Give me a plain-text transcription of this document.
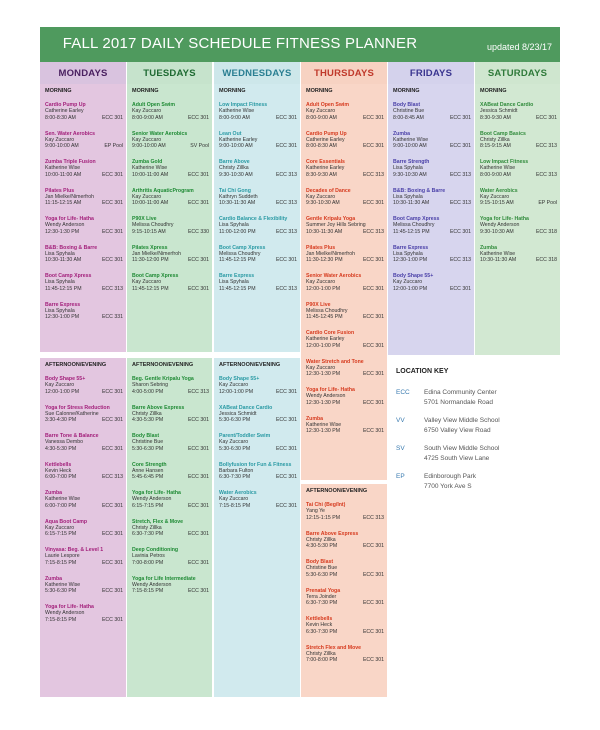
FALL 2017 DAILY SCHEDULE FITNESS PLANNER	updated 8/23/17
MONDAYS
MORNING
Cardio Pump Up
Catherine Earley
8:00-8:30 AM	ECC 301
Sen. Water Aerobics
Kay Zuccaro
9:00-10:00 AM	EP Pool
Zumba Triple Fusion
Katherine Wise
10:00-11:00 AM	ECC 301
Pilates Plus
Jan Mielke/Nimerfroh
11:15-12:15 AM	ECC 301
Yoga for Life- Hatha
Wendy Anderson
12:30-1:30 PM	ECC 301
B&B: Boxing & Barre
Lisa Spyhala
10:30-11:30 AM	ECC 301
Boot Camp Xpress
Lisa Spyhala
11:45-12:15 PM	ECC 313
Barre Express
Lisa Spyhala
12:30-1:00 PM	ECC 331
AFTERNOON/EVENING
Body Shape 55+
Kay Zuccaro
12:00-1:00 PM	ECC 301
Yoga for Stress Reduction
Sue Calonne/Katherine
3:30-4:30 PM	ECC 301
Barre Tone & Balance
Vanessa Dembo
4:30-5:30 PM	ECC 301
Kettlebells
Kevin Heck
6:00-7:00 PM	ECC 313
Zumba
Katherine Wise
6:00-7:00 PM	ECC 301
Aqua Boot Camp
Kay Zuccaro
6:15-7:15 PM	ECC 301
Vinyasa: Beg. & Level 1
Laurie Lespore
7:15-8:15 PM	ECC 301
Zumba
Katherine Wise
5:30-6:30 PM	ECC 301
Yoga for Life- Hatha
Wendy Anderson
7:15-8:15 PM	ECC 301
TUESDAYS
MORNING
Adult Open Swim
Kay Zuccaro
8:00-9:00 AM	ECC 301
Senior Water Aerobics
Kay Zuccaro
9:00-10:00 AM	SV Pool
Zumba Gold
Katherine Wise
10:00-11:00 AM	ECC 301
Arthritis AquaticProgram
Kay Zuccaro
10:00-11:00 AM	ECC 301
P90X Live
Melissa Choudhry
9:15-10:15 AM	ECC 330
Pilates Xpress
Jan Mielke/Nimerfroh
11:30-12:00 PM	ECC 301
Boot Camp Xpress
Kay Zuccaro
11:45-12:15 PM	ECC 301
AFTERNOON/EVENING
Beg. Gentle Kripalu Yoga
Sharon Sebring
4:00-5:00 PM	ECC 313
Barre Above Express
Christy Zillka
4:30-5:30 PM	ECC 301
Body Blast
Christine Bue
5:30-6:30 PM	ECC 301
Core Strength
Anne Hansen
5:45-6:45 PM	ECC 301
Yoga for Life- Hatha
Wendy Anderson
6:15-7:15 PM	ECC 301
Stretch, Flex & Move
Christy Zillka
6:30-7:30 PM	ECC 301
Deep Conditioning
Lavinia Petros
7:00-8:00 PM	ECC 301
Yoga for Life Intermediate
Wendy Anderson
7:15-8:15 PM	ECC 301
WEDNESDAYS
MORNING
Low Impact Fitness
Katherine Wise
8:00-9:00 AM	ECC 301
Lean Out
Katherine Earley
9:00-10:00 AM	ECC 301
Barre Above
Christy Zillka
9:30-10:30 AM	ECC 313
Tai Chi Gong
Kathryn Suddeth
10:30-11:30 AM	ECC 313
Cardio Balance & Flexibility
Lisa Spyhala
11:00-12:00 PM	ECC 313
Boot Camp Xpress
Melissa Choudhry
11:45-12:15 PM	ECC 301
Barre Express
Lisa Spyhala
11:45-12:15 PM	ECC 313
AFTERNOON/EVENING
Body Shape 55+
Kay Zuccaro
12:00-1:00 PM	ECC 301
XABeat Dance Cardio
Jessica Schmidt
5:30-6:30 PM	ECC 301
Parent/Toddler Swim
Kay Zuccaro
5:30-6:30 PM	ECC 301
Bollyfusion for Fun & Fitness
Barbara Fulton
6:30-7:30 PM	ECC 301
Water Aerobics
Kay Zuccaro
7:15-8:15 PM	ECC 301
THURSDAYS
MORNING
Adult Open Swim
Kay Zuccaro
8:00-9:00 AM	ECC 301
Cardio Pump Up
Catherine Earley
8:00-8:30 AM	ECC 301
Core Essentials
Katherine Earley
8:30-9:30 AM	ECC 313
Decades of Dance
Kay Zuccaro
9:30-10:30 AM	ECC 301
Gentle Kripalu Yoga
Summer Joy Hills Sebring
10:30-11:30 AM	ECC 313
Pilates Plus
Jan Mielke/Nimerfroh
11:30-12:30 PM	ECC 301
Senior Water Aerobics
Kay Zuccaro
12:00-1:00 PM	ECC 301
P90X Live
Melissa Choudhry
11:45-12:45 PM	ECC 301
Cardio Core Fusion
Katherine Earley
12:00-1:00 PM	ECC 301
Water Stretch and Tone
Kay Zuccaro
12:30-1:30 PM	ECC 301
Yoga for Life- Hatha
Wendy Anderson
12:30-1:30 PM	ECC 301
Zumba
Katherine Wise
12:30-1:30 PM	ECC 301
AFTERNOON/EVENING
Tai Chi (Beg/Int)
Yang Ye
12:15-1:15 PM	ECC 313
Barre Above Express
Christy Zillka
4:30-5:30 PM	ECC 301
Body Blast
Christine Bue
5:30-6:30 PM	ECC 301
Prenatal Yoga
Terra Joinder
6:30-7:30 PM	ECC 301
Kettlebells
Kevin Heck
6:30-7:30 PM	ECC 301
Stretch Flex and Move
Christy Zillka
7:00-8:00 PM	ECC 301
FRIDAYS
MORNING
Body Blast
Christine Bue
8:00-8:45 AM	ECC 301
Zumba
Katherine Wise
9:00-10:00 AM	ECC 301
Barre Strength
Lisa Spyhala
9:30-10:30 AM	ECC 313
B&B: Boxing & Barre
Lisa Spyhala
10:30-11:30 AM	ECC 313
Boot Camp Xpress
Melissa Choudhry
11:45-12:15 PM	ECC 301
Barre Express
Lisa Spyhala
12:30-1:00 PM	ECC 313
Body Shape 55+
Kay Zuccaro
12:00-1:00 PM	ECC 301
SATURDAYS
MORNING
XABeat Dance Cardio
Jessica Schmidt
8:30-9:30 AM	ECC 301
Boot Camp Basics
Christy Zillka
8:15-9:15 AM	ECC 313
Low Impact Fitness
Katherine Wise
8:00-9:00 AM	ECC 313
Water Aerobics
Kay Zuccaro
9:15-10:15 AM	EP Pool
Yoga for Life- Hatha
Wendy Anderson
9:30-10:30 AM	ECC 318
Zumba
Katherine Wise
10:30-11:30 AM	ECC 318
LOCATION KEY
ECC Edina Community Center
5701 Normandale Road
VV	Valley View Middle School
6750 Valley View Road
SV	South View Middle School
4725 South View Lane
EP	Edinborough Park
7700 York Ave S
